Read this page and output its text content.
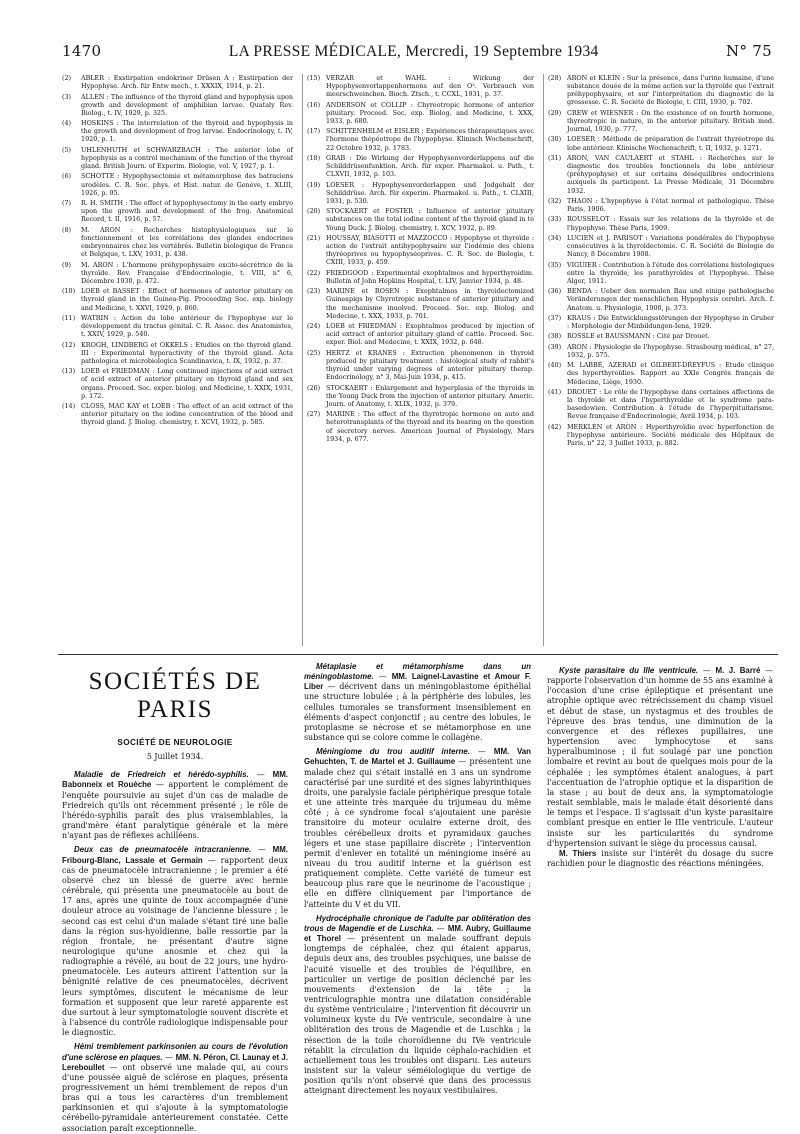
1470	LA PRESSE MÉDICALE, Mercredi, 19 Septembre 1934	N° 75
(2)	ABLER : Exstirpation endokriner Drüsen A : Exstirpation der Hypophyse. Arch. für Entw mech., t. XXXIX, 1914, p. 21.
(3)	ALLEN : The influence of the thyroid gland and hypophysis upon growth and development of amphibian larvae. Quataly Rev. Biolog., t. IV, 1929, p. 325.
(4)	HOSKINS : The interrelation of the thyroid and hypophysis in the growth and development of frog larvae. Endocrinology, t. IV, 1920, p. 1.
(5)	UHLENHUTH et SCHWARZBACH : The anterior lobe of hypophysis as a control mechanism of the function of the thyroid gland. British Journ. of Experim. Biologie, vol. V, 1927, p. 1.
(6)	SCHOTTE : Hypophysectomie et métamorphose des batraciens urodèles. C. R. Soc. phys. et Hist. natur. de Genève, t. XLIII, 1926, p. 95.
(7)	R. H. SMITH : The effect of hypophysectomy in the early embryo upon the growth and development of the frog. Anatomical Record, t. II, 1916, p. 57.
(8)	M. ARON : Recherches histophysiologiques sur le fonctionnement et les corrélations des glandes endocrines embryonnaires chez les vertébrés. Bulletin biologique de France et Belgique, t. LXV, 1931, p. 438.
(9)	M. ARON : L'hormone préhypophysaire excito-sécrétrice de la thyroïde. Rev. Française d'Endocrinologie, t. VIII, n° 6, Décembre 1930, p. 472.
(10) LOEB et BASSET : Effect of hormones of anterior pituitary on thyroid gland in the Guinea-Pig. Proceeding Soc. exp. biology and Medicine, t. XXVI, 1929, p. 860.
(11) WATRIN : Action du lobe antérieur de l'hypophyse sur le développement du tractus génital. C. R. Assoc. des Anatomistes, t. XXIV, 1929, p. 540.
(12) KROGH, LINDBERG et OKKELS : Etudies on the thyroid gland. III : Experimental hyperactivity of the thyroid gland. Acta pathologica et microbiologica Scandinavica, t. IX, 1932, p. 37.
(13) LOEB et FRIEDMAN : Long continued injections of acid extract of acid extract of anterior pituitary on thyroid gland and sex organs. Proceed. Soc. exper. biolog. and Medicine, t. XXIX, 1931, p. 172.
(14) CLOSS, MAC KAY et LOEB : The effect of an acid extract of the anterior pituitary on the iodine concentration of the blood and thyroid gland. J. Biolog. chemistry, t. XCVI, 1932, p. 585.
(15) VERZAR et WAHL : Wirkung der Hypophysenvorlappenhormons auf den O². Verbrauch von meerschweinchen. Bioch. Ztsch., t. CCXL, 1931, p. 37.
(16) ANDERSON et COLLIP : Chyreotropic hormone of anterior pituitary. Proceed. Soc. exp. Biolog. and Medicine, t. XXX, 1933, p. 680.
(17) SCHITTENHELM et EISLER : Expériences thérapeutiques avec l'hormone thépéotrope de l'hypophyse. Klinisch Wochenschrift, 22 Octobre 1932, p. 1783.
(18) GRAB : Die Wirkung der Hypophysenvorderlappens auf die Schilddrüsenfunktion. Arch. für exper. Pharmakol. u. Path., t. CLXVII, 1932, p. 103.
(19) LOESER : Hypophysenvorderlappen und Jodgehalt der Schilddrüse. Arch. für experim. Pharmakol. u. Path., t. CLXIII, 1931, p. 530.
(20) STOCKAERT et FOSTER : Influence of anterior pituitary substances on the total iodine content of the thyroid gland in te Young Duck. J. Biolog. chemistry, t. XCV, 1932, p. 89.
(21) HOUSSAY, BIASOTTI et MAZZOCCO : Hypophyse et thyroïde : action de l'extrait antihypophysaire sur l'iodémie des chiens thyréoprives ou hypophyséoprives. C. R. Soc. de Biologie, t. CXIII, 1933, p. 459.
(22) FRIEDGOOD : Experimental exophtalmos and hyperthyroidim. Bulletin of John Hopkins Hospital, t. LIV, Janvier 1934, p. 48.
(23) MARINE et ROSEN : Exophtalmos in thyroidectomized Guineapigs by Chyrotropic substance of anterior pituitary and the mechanisme inuolved. Proceed. Soc. exp. Biolog. and Medecine, t. XXX, 1933, p. 701.
(24) LOEB et FRIEDMAN : Exophtalmos produced by injection of acid extract of anterior pituitary gland of cattle. Proceed. Soc. exper. Biol. and Medecine, t. XXIX, 1932, p. 648.
(25) HERTZ et KRANES : Extraction phenomenon in thyroid produced by pituitary treatment : histological study of rabbit's thyroid under varying degrees of anterior pituitary therap. Endocrinology, n° 3, Mai-Juin 1934, p. 415.
(26) STOCKAERT : Enlargement and hyperplasia of the thyroids in the Young Duck from the injection of anterior pituitary. Americ. Journ. of Anatomy, t. XLIX, 1932, p. 379.
(27) MARINE : The effect of the thyrotropic hormone on auto and heterotransplants of the thyroid and its bearing on the question of secretory nerves. American Journal of Physiology, Mars 1934, p. 677.
(28) ARON et KLEIN : Sur la présence, dans l'urine humaine, d'une substance douée de la même action sur la thyroïde que l'extrait préhypophysaire, et sur l'interprétation du diagnostic de la grossesse. C. R. Société de Biologie, t. CIII, 1930, p. 702.
(29) CREW et WIESNER : On the existence of on fourth hormone, thyreotropic in nature, in the anterior pituitary. British med. Journal, 1930, p. 777.
(30) LOESER : Méthode de préparation de l'extrait thyréotrope du lobe antérieur. Klinische Wochenschrift, t. II, 1932, p. 1271.
(31) ARON, VAN CAULAERT et STAHL : Recherches sur le diagnostic des troubles fonctionnels du lobe antérieur (préhypophyse) et sur certains déséquilibres endocriniens auxquels ils participent. La Presse Médicale, 31 Décembre 1932.
(32) THAON : L'hypophyse à l'état normal et pathologique. Thèse Paris, 1906.
(33) ROUSSELOT : Essais sur les relations de la thyroïde et de l'hypophyse. Thèse Paris, 1909.
(34) LUCIEN et J. PARISOT : Variations pondérales de l'hypophyse consécutives à la thyroïdectomie. C. R. Société de Biologie de Nancy, 8 Décembre 1908.
(35) VIGUIER : Contribution à l'étude des corrélations histologiques entre la thyroïde, les parathyroïdes et l'hypophyse. Thèse Alger, 1911.
(36) BENDA : Ueber den normalen Bau und einige pathologische Veränderungen der menschlichen Hypophysis cerebri. Arch. f. Anatom. u. Physiologie, 1900, p. 373.
(37) KRAUS : Die Entwicklungsstörungen der Hypophyse in Gruber : Morphologie der Minbildungen-Iena, 1929.
(38) ROSSLE et BAUSSMANN : Cité par Drouet.
(39) ARON : Physiologie de l'hypophyse. Strasbourg médical, n° 27, 1932, p. 575.
(40) M. LABBÉ, AZERAD et GILBERT-DREYFUS : Etude clinique des hyperthyroïdies. Rapport au XXIe Congrès français de Médecine, Liège, 1930.
(41) DROUET : Le rôle de l'hypophyse dans certaines affections de la thyroïde et dans l'hyperthyroïdie et le syndrome para-basedowien. Contribution à l'étude de l'hyperpituitarisme. Revue française d'Endocrinologie, Avril 1934, p. 103.
(42) MERKLEN et ARON : Hyperthyroïdie avec hyperfonction de l'hypophyse antérieure. Société médicale des Hôpitaux de Paris, n° 22, 3 Juillet 1933, p. 882.
SOCIÉTÉS DE PARIS
SOCIÉTÉ DE NEUROLOGIE
5 Juillet 1934.

Maladie de Friedreich et hérédo-syphilis. — MM. Babonneix et Rouèche — apportent le complément de l'enquête poursuivie au sujet d'un cas de maladie de Friedreich qu'ils ont récemment présenté ; le rôle de l'hérédo-syphilis paraît des plus vraisemblables, la grand'mère étant paralytique générale et la mère n'ayant pas de réflexes achilléens.

Deux cas de pneumatocèle intracranienne. — MM. Fribourg-Blanc, Lassale et Germain — rapportent deux cas de pneumatocèle intracranienne ; le premier a été observé chez un blessé de guerre avec hernie cérébrale, qui présenta une pneumatocèle au bout de 17 ans, après une quinte de toux accompagnée d'une douleur atroce au voisinage de l'ancienne blessure ; le second cas est celui d'un malade s'étant tiré une balle dans la région sus-hyoïdienne, balle ressortie par la région frontale, ne présentant d'autre signe neurologique qu'une anosmie et chez qui la radiographie a révélé, au bout de 22 jours, une hydro-pneumatocèle. Les auteurs attirent l'attention sur la bénignité relative de ces pneumatocèles, décrivent leurs symptômes, discutent le mécanisme de leur formation et supposent que leur rareté apparente est due surtout à leur symptomatologie souvent discrète et à l'absence du contrôle radiologique indispensable pour le diagnostic.

Hémi tremblement parkinsonien au cours de l'évolution d'une sclérose en plaques. — MM. N. Péron, Cl. Launay et J. Lereboullet — ont observé une malade qui, au cours d'une poussée aiguë de sclérose en plaques, présenta progressivement un hémi tremblement de repos d'un bras qui a tous les caractères d'un tremblement parkinsonien et qui s'ajoute à la symptomatologie cérébello-pyramidale antérieurement constatée. Cette association paraît exceptionnelle.

Métaplasie et métamorphisme dans un méningoblastome. — MM. Laignel-Lavastine et Amour F. Liber — décrivent dans un méningoblastome épithélial une structure lobulée ; à la périphérie des lobules, les cellules tumorales se transforment insensiblement en éléments d'aspect conjonctif ; au centre des lobules, le protoplasme se nécrose et se métamorphose en une substance qui se colore comme le collagène.

Méningiome du trou auditif interne. — MM. Van Gehuchten, T. de Martel et J. Guillaume — présentent une malade chez qui s'était installé en 3 ans un syndrome caractérisé par une surdité et des signes labyrinthiques droits, une paralysie faciale périphérique presque totale et une atteinte très marquée du trijumeau du même côté ; à ce syndrome focal s'ajoutaient une parésie transitoire du moteur oculaire externe droit, des troubles cérébelleux droits et pyramidaux gauches légers et une stase papillaire discrète ; l'intervention permit d'enlever en totalité un méningiome inséré au niveau du trou auditif interne et la guérison est pratiquement complète. Cette variété de tumeur est beaucoup plus rare que le neurinome de l'acoustique ; elle en diffère cliniquement par l'importance de l'atteinte du V et du VII.

Hydrocéphalie chronique de l'adulte par oblitération des trous de Magendie et de Luschka. — MM. Aubry, Guillaume et Thorel — présentent un malade souffrant depuis longtemps de céphalée, chez qui étaient apparus, depuis deux ans, des troubles psychiques, une baisse de l'acuité visuelle et des troubles de l'équilibre, en particulier un vertige de position déclenché par les mouvements d'extension de la tête ; la ventriculographie montra une dilatation considérable du système ventriculaire ; l'intervention fit découvrir un volumineux kyste du IVe ventricule, secondaire à une oblitération des trous de Magendie et de Luschka ; la résection de la toile choroïdienne du IVe ventricule rétablit la circulation du liquide céphalo-rachidien et actuellement tous les troubles ont disparu. Les auteurs insistent sur la valeur séméiologique du vertige de position qu'ils n'ont observé que dans des processus atteignant directement les noyaux vestibulaires.

Kyste parasitaire du IIIe ventricule. — M. J. Barré — rapporte l'observation d'un homme de 55 ans examiné à l'occasion d'une crise épileptique et présentant une atrophie optique avec rétrécissement du champ visuel et début de stase, un nystagmus et des troubles de l'épreuve des bras tendus, une diminution de la convergence et des réflexes pupillaires, une hypertension avec lymphocytose et sans hyperalbuminose ; il fut soulagé par une ponction lombaire et revint au bout de quelques mois pour de la céphalée ; les symptômes étaient analogues, à part l'accentuation de l'atrophie optique et la disparition de la stase ; au bout de deux ans, la symptomatologie restait semblable, mais le malade était désorienté dans le temps et l'espace. Il s'agissait d'un kyste parasitaire comblant presque en entier le IIIe ventricule. L'auteur insiste sur les particularités du syndrome d'hypertension suivant le siège du processus causal.

M. Thiers insiste sur l'intérêt du dosage du sucre rachidien pour le diagnostic des réactions méningées.
